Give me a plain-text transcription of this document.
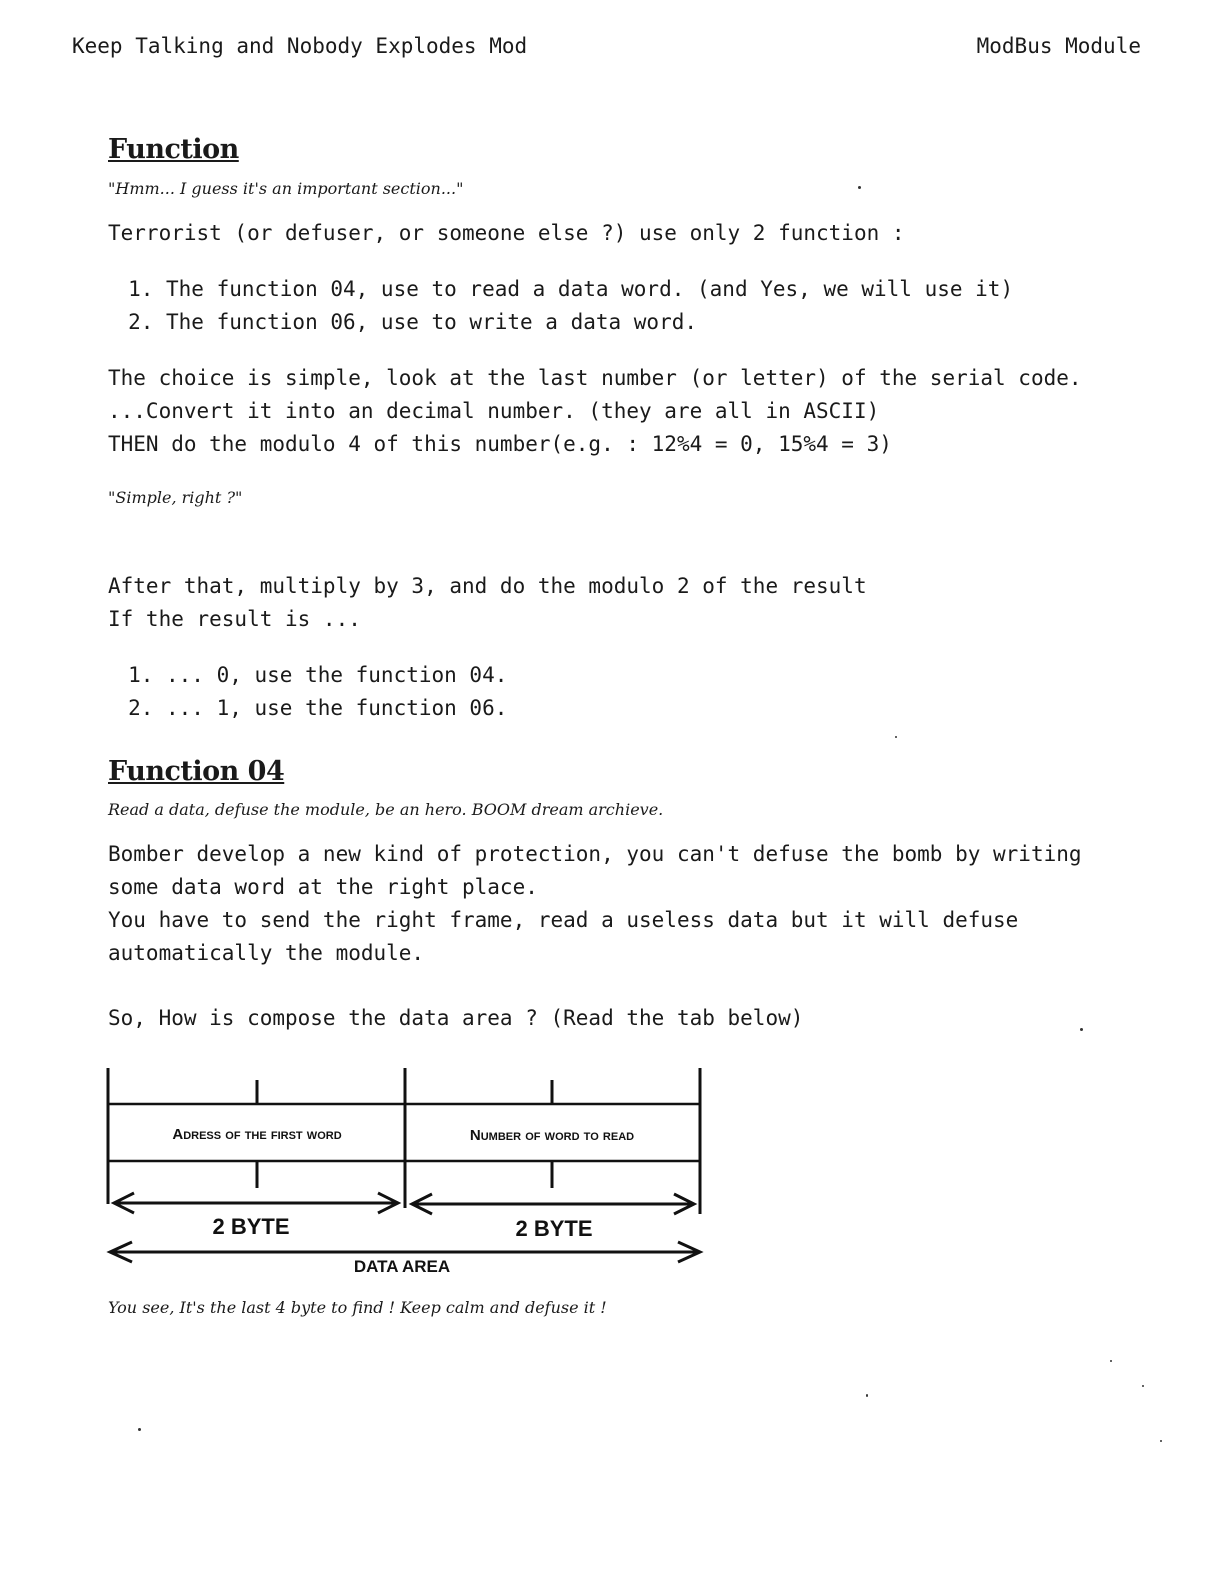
Keep Talking and Nobody Explodes Mod	ModBus Module
Function

"Hmm... I guess it's an important section..."

Terrorist (or defuser, or someone else ?) use only 2 function :

1. The function 04, use to read a data word. (and Yes, we will use it)
2. The function 06, use to write a data word.

The choice is simple, look at the last number (or letter) of the serial code.

...Convert it into an decimal number. (they are all in ASCII)

THEN do the modulo 4 of this number(e.g. : 12%4 = 0, 15%4 = 3)

"Simple, right ?"

After that, multiply by 3, and do the modulo 2 of the result

If the result is ...

1. ... 0, use the function 04.
2. ... 1, use the function 06.
Function 04

Read a data, defuse the module, be an hero. BOOM dream archieve.

Bomber develop a new kind of protection, you can't defuse the bomb by writing

some data word at the right place.

You have to send the right frame, read a useless data but it will defuse

automatically the module.

So, How is compose the data area ? (Read the tab below)

Adress of the first word	Number of word to read
2 BYTE	2 BYTE
DATA AREA

You see, It's the last 4 byte to find ! Keep calm and defuse it !
